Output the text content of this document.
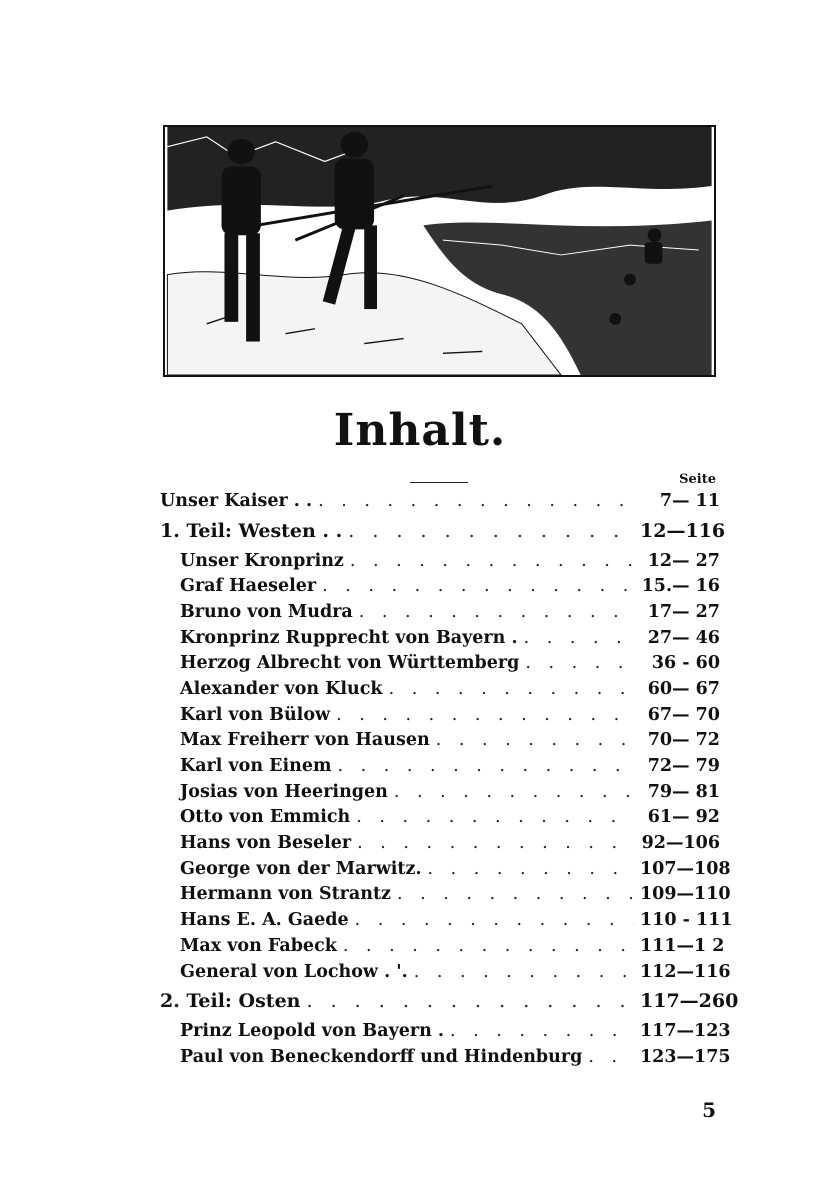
Inhalt.
Seite
Unser Kaiser . . . . .	7— 11
1. Teil: Westen . . . . .	12—116
Unser Kronprinz . . .	12— 27
Graf Haeseler . . .	15.— 16
Bruno von Mudra . . .	17— 27
Kronprinz Rupprecht von Bayern . . . .	27— 46
Herzog Albrecht von Württemberg . . .	36 - 60
Alexander von Kluck . . .	60— 67
Karl von Bülow . . .	67— 70
Max Freiherr von Hausen . . .	70— 72
Karl von Einem . . .	72— 79
Josias von Heeringen . . .	79— 81
Otto von Emmich . . .	61— 92
Hans von Beseler . . .	92—106
George von der Marwitz. . . .	107—108
Hermann von Strantz . . .	109—110
Hans E. A. Gaede . . .	110 - 111
Max von Fabeck . . .	111—1 2
General von Lochow . '. . . .	112—116
2. Teil: Osten . . .	117—260
Prinz Leopold von Bayern . . . .	117—123
Paul von Beneckendorff und Hindenburg . . .	123—175
5
